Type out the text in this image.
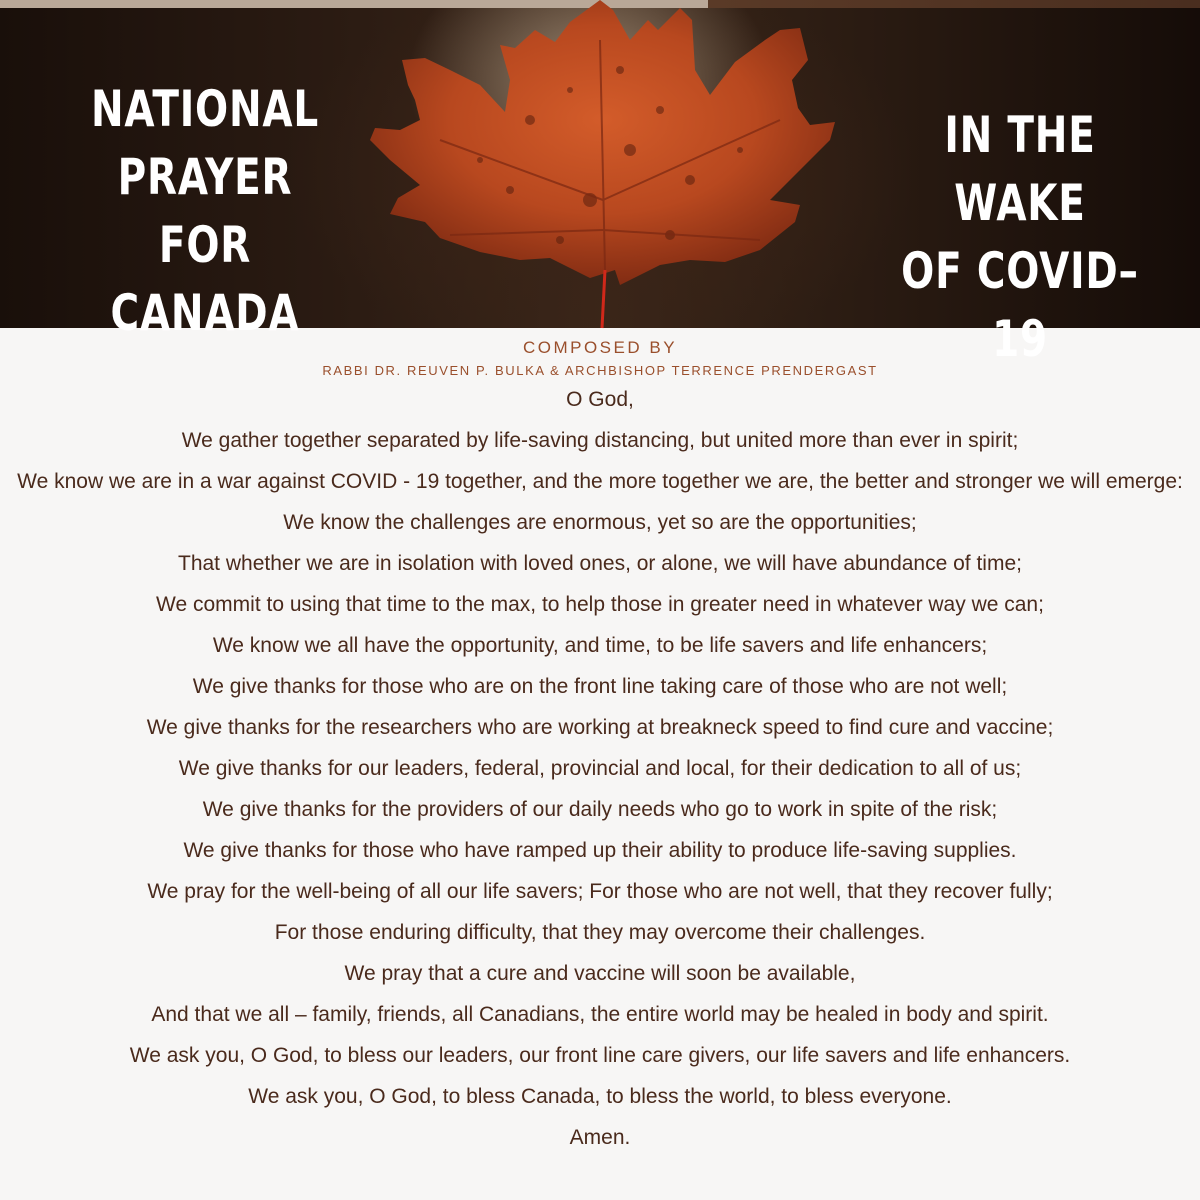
NATIONAL
PRAYER FOR
CANADA
IN THE WAKE
OF COVID–19
COMPOSED BY
RABBI DR. REUVEN P. BULKA & ARCHBISHOP TERRENCE PRENDERGAST
O God,
We gather together separated by life-saving distancing, but united more than ever in spirit;
We know we are in a war against COVID - 19 together, and the more together we are, the better and stronger we will emerge:
We know the challenges are enormous, yet so are the opportunities;
That whether we are in isolation with loved ones, or alone, we will have abundance of time;
We commit to using that time to the max, to help those in greater need in whatever way we can;
We know we all have the opportunity, and time, to be life savers and life enhancers;
We give thanks for those who are on the front line taking care of those who are not well;
We give thanks for the researchers who are working at breakneck speed to find cure and vaccine;
We give thanks for our leaders, federal, provincial and local, for their dedication to all of us;
We give thanks for the providers of our daily needs who go to work in spite of the risk;
We give thanks for those who have ramped up their ability to produce life-saving supplies.
We pray for the well-being of all our life savers; For those who are not well, that they recover fully;
For those enduring difficulty, that they may overcome their challenges.
We pray that a cure and vaccine will soon be available,
And that we all – family, friends, all Canadians, the entire world may be healed in body and spirit.
We ask you, O God, to bless our leaders, our front line care givers, our life savers and life enhancers.
We ask you, O God, to bless Canada, to bless the world, to bless everyone.
Amen.
